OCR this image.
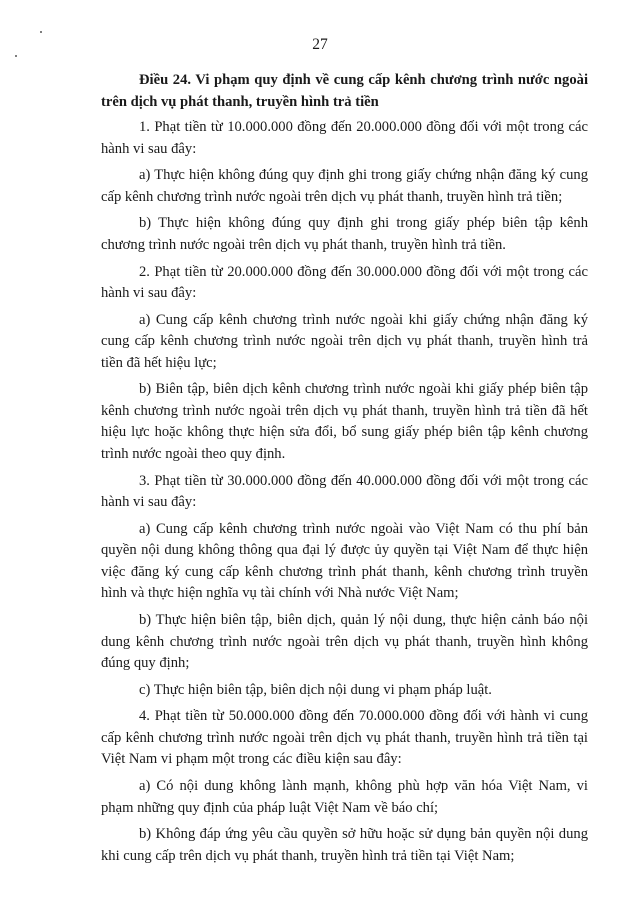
27

Điều 24. Vi phạm quy định về cung cấp kênh chương trình nước ngoài trên dịch vụ phát thanh, truyền hình trả tiền

1. Phạt tiền từ 10.000.000 đồng đến 20.000.000 đồng đối với một trong các hành vi sau đây:

a) Thực hiện không đúng quy định ghi trong giấy chứng nhận đăng ký cung cấp kênh chương trình nước ngoài trên dịch vụ phát thanh, truyền hình trả tiền;

b) Thực hiện không đúng quy định ghi trong giấy phép biên tập kênh chương trình nước ngoài trên dịch vụ phát thanh, truyền hình trả tiền.

2. Phạt tiền từ 20.000.000 đồng đến 30.000.000 đồng đối với một trong các hành vi sau đây:

a) Cung cấp kênh chương trình nước ngoài khi giấy chứng nhận đăng ký cung cấp kênh chương trình nước ngoài trên dịch vụ phát thanh, truyền hình trả tiền đã hết hiệu lực;

b) Biên tập, biên dịch kênh chương trình nước ngoài khi giấy phép biên tập kênh chương trình nước ngoài trên dịch vụ phát thanh, truyền hình trả tiền đã hết hiệu lực hoặc không thực hiện sửa đổi, bổ sung giấy phép biên tập kênh chương trình nước ngoài theo quy định.

3. Phạt tiền từ 30.000.000 đồng đến 40.000.000 đồng đối với một trong các hành vi sau đây:

a) Cung cấp kênh chương trình nước ngoài vào Việt Nam có thu phí bản quyền nội dung không thông qua đại lý được ủy quyền tại Việt Nam để thực hiện việc đăng ký cung cấp kênh chương trình phát thanh, kênh chương trình truyền hình và thực hiện nghĩa vụ tài chính với Nhà nước Việt Nam;

b) Thực hiện biên tập, biên dịch, quản lý nội dung, thực hiện cảnh báo nội dung kênh chương trình nước ngoài trên dịch vụ phát thanh, truyền hình không đúng quy định;

c) Thực hiện biên tập, biên dịch nội dung vi phạm pháp luật.

4. Phạt tiền từ 50.000.000 đồng đến 70.000.000 đồng đối với hành vi cung cấp kênh chương trình nước ngoài trên dịch vụ phát thanh, truyền hình trả tiền tại Việt Nam vi phạm một trong các điều kiện sau đây:

a) Có nội dung không lành mạnh, không phù hợp văn hóa Việt Nam, vi phạm những quy định của pháp luật Việt Nam về báo chí;

b) Không đáp ứng yêu cầu quyền sở hữu hoặc sử dụng bản quyền nội dung khi cung cấp trên dịch vụ phát thanh, truyền hình trả tiền tại Việt Nam;
